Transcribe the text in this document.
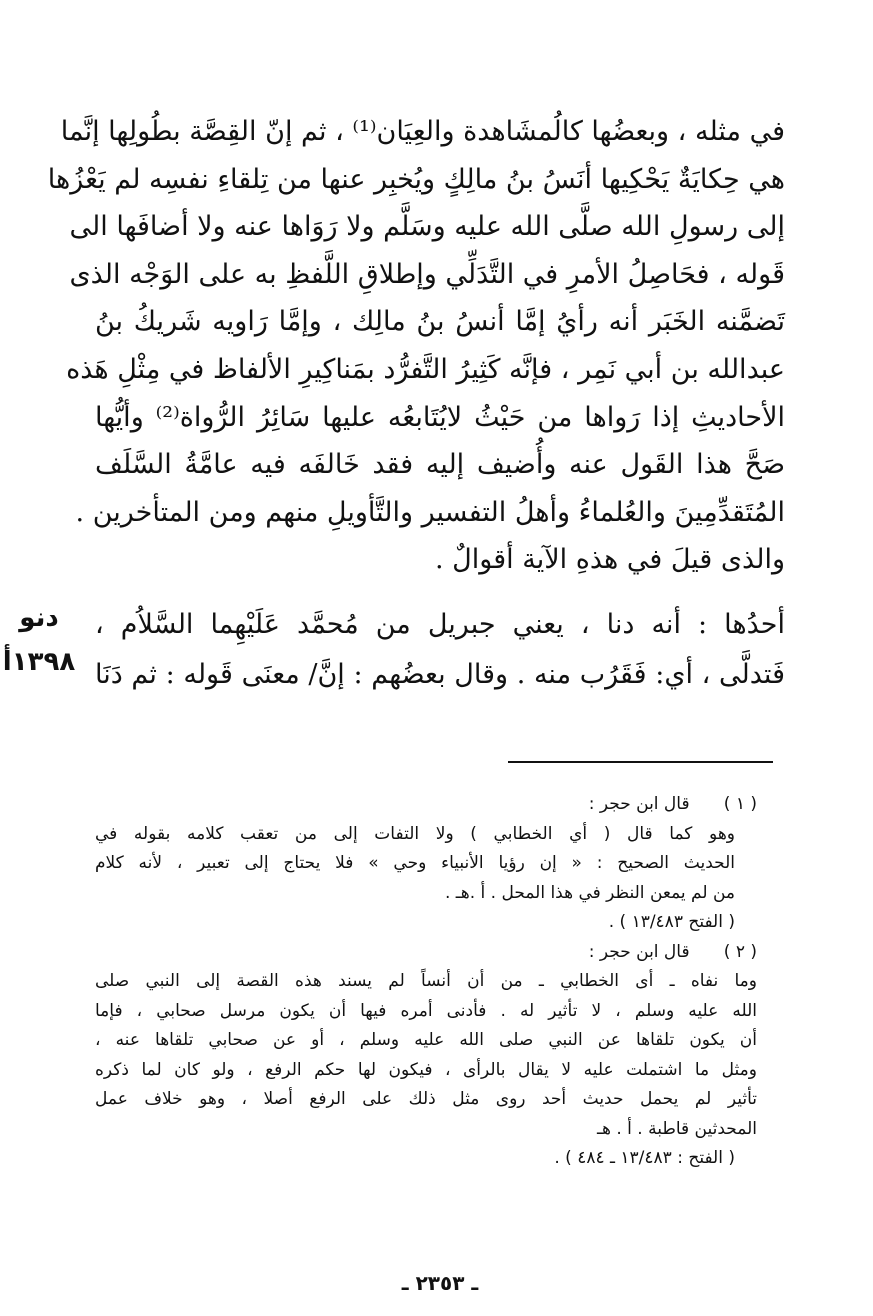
في مثله ، وبعضُها كالُمشَاهدة والعِيَان⁽¹⁾ ، ثم إنّ القِصَّة بطُولِها إنَّما
هي حِكايَةٌ يَحْكِيها أنَسُ بنُ مالِكٍ ويُخبِر عنها من تِلقاءِ نفسِه لم يَعْزُها
إلى رسولِ الله صلَّى الله عليه وسَلَّم ولا رَوَاها عنه ولا أضافَها الى
قَوله ، فحَاصِلُ الأمرِ في التَّدَلِّي وإطلاقِ اللَّفظِ به على الوَجْه الذى
تَضمَّنه الخَبَر أنه رأيُ إمَّا أنسُ بنُ مالِك ، وإمَّا رَاويه شَريكُ بنُ
عبدالله بن أبي نَمِر ، فإنَّه كَثِيرُ التَّفرُّد بمَناكِيرِ الألفاظ في مِثْلِ هَذه
الأحاديثِ إذا رَواها من حَيْثُ لايُتَابعُه عليها سَائِرُ الرُّواة⁽²⁾ وأيُّها
صَحَّ هذا القَول عنه وأُضيف إليه فقد خَالفَه فيه عامَّةُ السَّلَف
المُتَقدِّمِينَ والعُلماءُ وأهلُ التفسير والتَّأويلِ منهم ومن المتأخرين .
والذى قيلَ في هذهِ الآية أقوالٌ .
أحدُها : أنه دنا ، يعني جبريل من مُحمَّد عَلَيْهِما السَّلاُم ،
فَتدلَّى ، أي: فَقَرُب منه . وقال بعضُهم : إنَّ/ معنَى قَوله : ثم دَنَا
دنو
١٣٩٨أ
( ١ ) قال ابن حجر :
وهو كما قال ( أي الخطابي ) ولا التفات إلى من تعقب كلامه بقوله في
الحديث الصحيح : « إن رؤيا الأنبياء وحي » فلا يحتاج إلى تعبير ، لأنه كلام
من لم يمعن النظر في هذا المحل . أ .هـ .
( الفتح ١٣/٤٨٣ ) .
( ٢ ) قال ابن حجر :
وما نفاه ـ أى الخطابي ـ من أن أنساً لم يسند هذه القصة إلى النبي صلى
الله عليه وسلم ، لا تأثير له . فأدنى أمره فيها أن يكون مرسل صحابي ، فإما
أن يكون تلقاها عن النبي صلى الله عليه وسلم ، أو عن صحابي تلقاها عنه ،
ومثل ما اشتملت عليه لا يقال بالرأى ، فيكون لها حكم الرفع ، ولو كان لما ذكره
تأثير لم يحمل حديث أحد روى مثل ذلك على الرفع أصلا ، وهو خلاف عمل
المحدثين قاطبة . أ . هـ
( الفتح : ١٣/٤٨٣ ـ ٤٨٤ ) .
ـ ٢٣٥٣ ـ
